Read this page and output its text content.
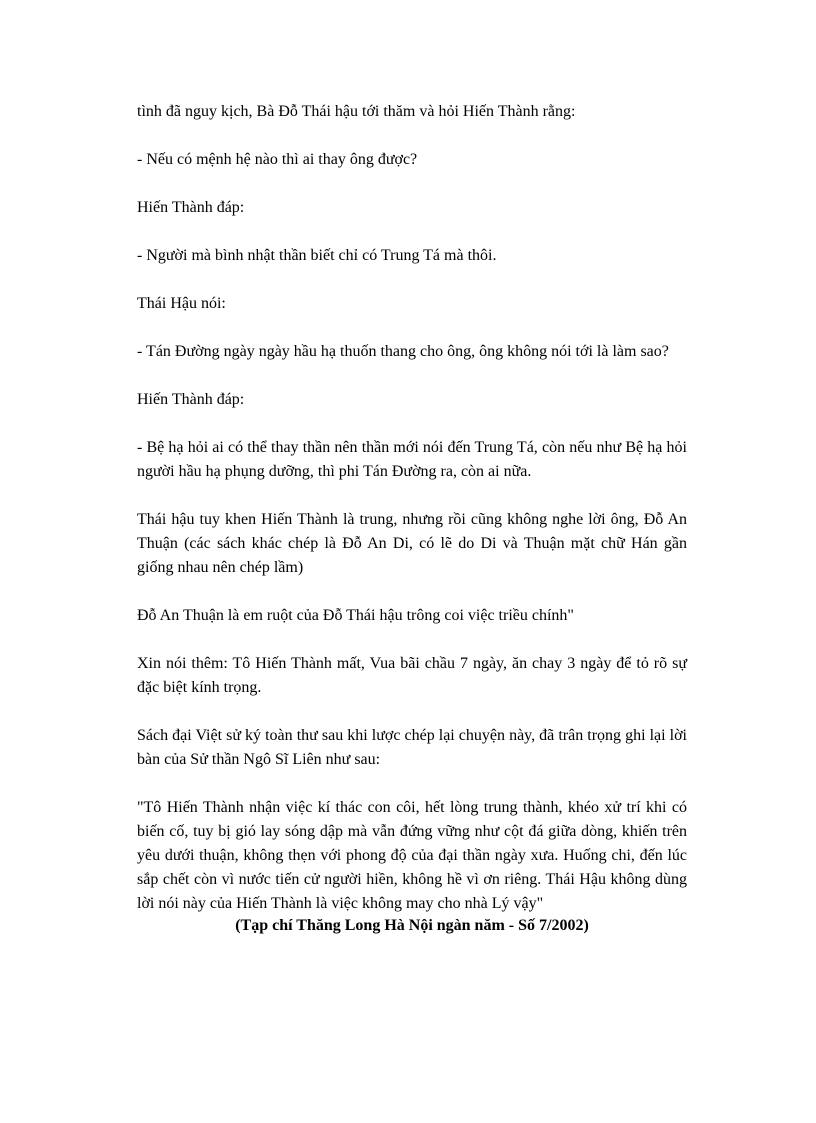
tình đã nguy kịch, Bà Đỗ Thái hậu tới thăm và hỏi Hiến Thành rằng:

- Nếu có mệnh hệ nào thì ai thay ông được?

Hiến Thành đáp:

- Người mà bình nhật thần biết chỉ có Trung Tá mà thôi.

Thái Hậu nói:

- Tán Đường ngày ngày hầu hạ thuốn thang cho ông, ông không nói tới là làm sao?

Hiến Thành đáp:

- Bệ hạ hỏi ai có thể thay thần nên thần mới nói đến Trung Tá, còn nếu như Bệ hạ hỏi người hầu hạ phụng dưỡng, thì phi Tán Đường ra, còn ai nữa.

Thái hậu tuy khen Hiến Thành là trung, nhưng rồi cũng không nghe lời ông, Đỗ An Thuận (các sách khác chép là Đỗ An Di, có lẽ do Di và Thuận mặt chữ Hán gần giống nhau nên chép lầm)

Đỗ An Thuận là em ruột của Đỗ Thái hậu trông coi việc triều chính"

Xin nói thêm: Tô Hiến Thành mất, Vua bãi chầu 7 ngày, ăn chay 3 ngày để tỏ rõ sự đặc biệt kính trọng.

Sách đại Việt sử ký toàn thư sau khi lược chép lại chuyện này, đã trân trọng ghi lại lời bàn của Sử thần Ngô Sĩ Liên như sau:

"Tô Hiến Thành nhận việc kí thác con côi, hết lòng trung thành, khéo xử trí khi có biến cố, tuy bị gió lay sóng dập mà vẫn đứng vững như cột đá giữa dòng, khiến trên yêu dưới thuận, không thẹn với phong độ của đại thần ngày xưa. Huống chi, đến lúc sắp chết còn vì nước tiến cử người hiền, không hề vì ơn riêng. Thái Hậu không dùng lời nói này của Hiến Thành là việc không may cho nhà Lý vậy"

(Tạp chí Thăng Long Hà Nội ngàn năm - Số 7/2002)
